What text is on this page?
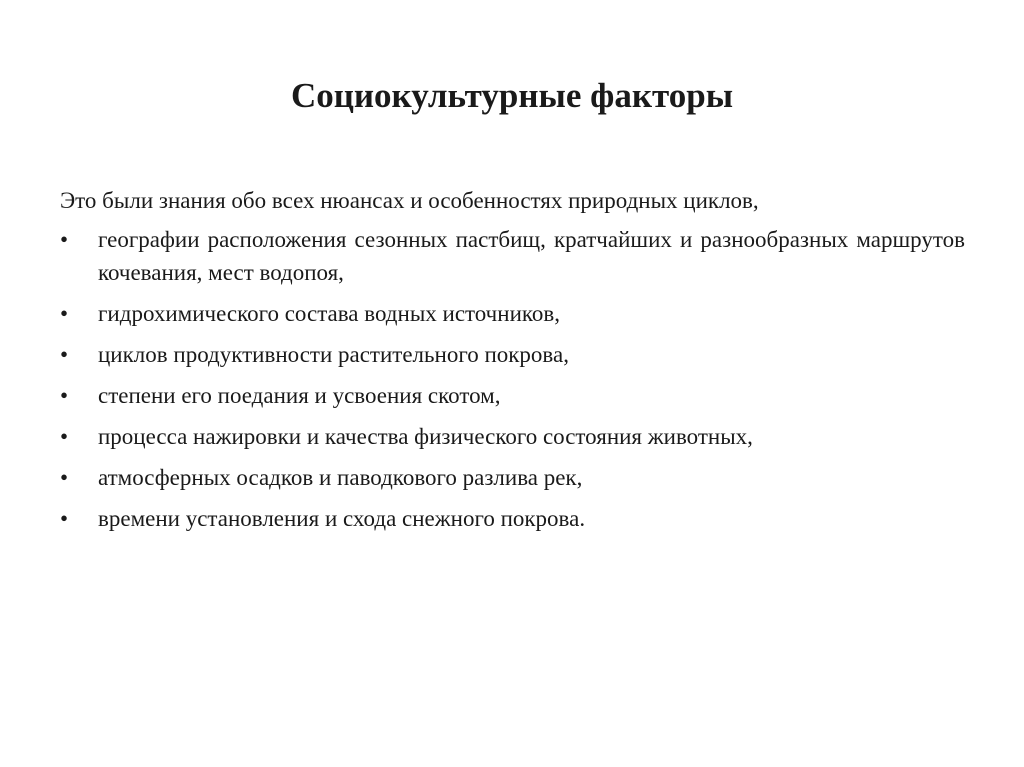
Социокультурные факторы

Это были знания обо всех нюансах и особенностях природных циклов,

•	географии расположения сезонных пастбищ, кратчайших и разнообразных маршрутов кочевания, мест водопоя,
•	гидрохимического состава водных источников,
•	циклов продуктивности растительного покрова,
•	степени его поедания и усвоения скотом,
•	процесса нажировки и качества физического состояния животных,
•	атмосферных осадков и паводкового разлива рек,
•	времени установления и схода снежного покрова.
